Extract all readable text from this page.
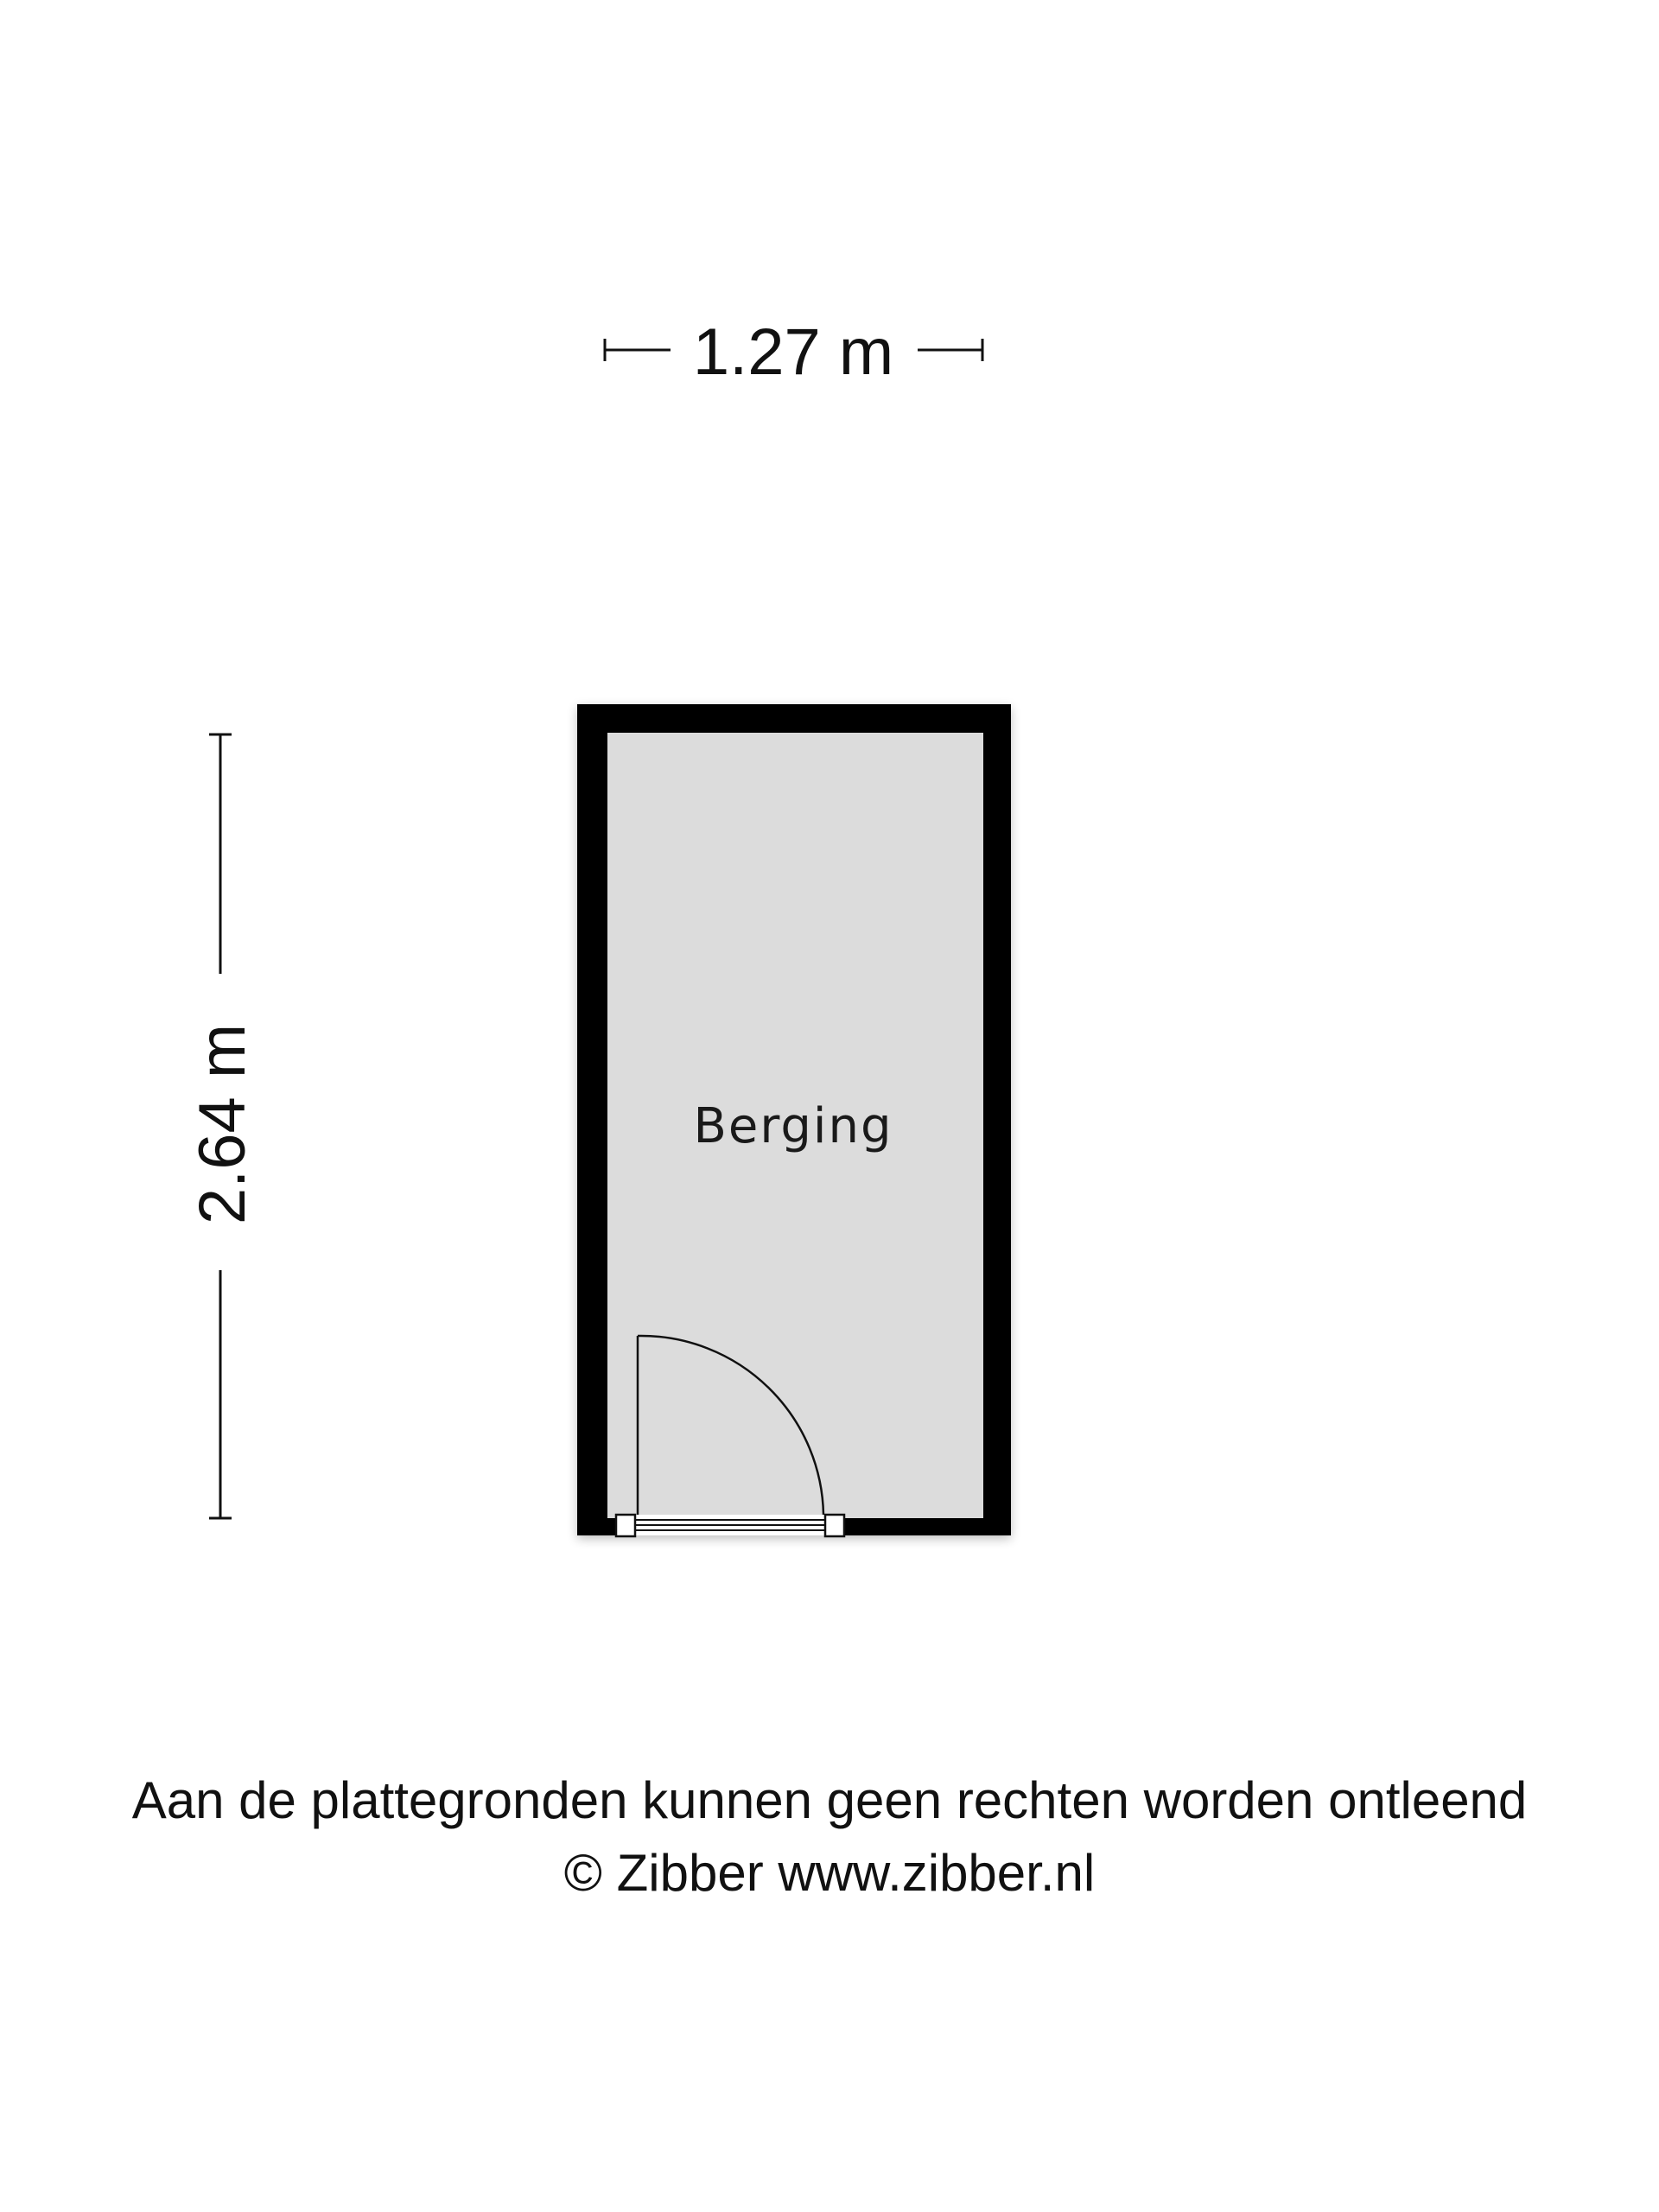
1.27 m
2.64 m	Berging
Aan de plattegronden kunnen geen rechten worden ontleend
© Zibber www.zibber.nl
